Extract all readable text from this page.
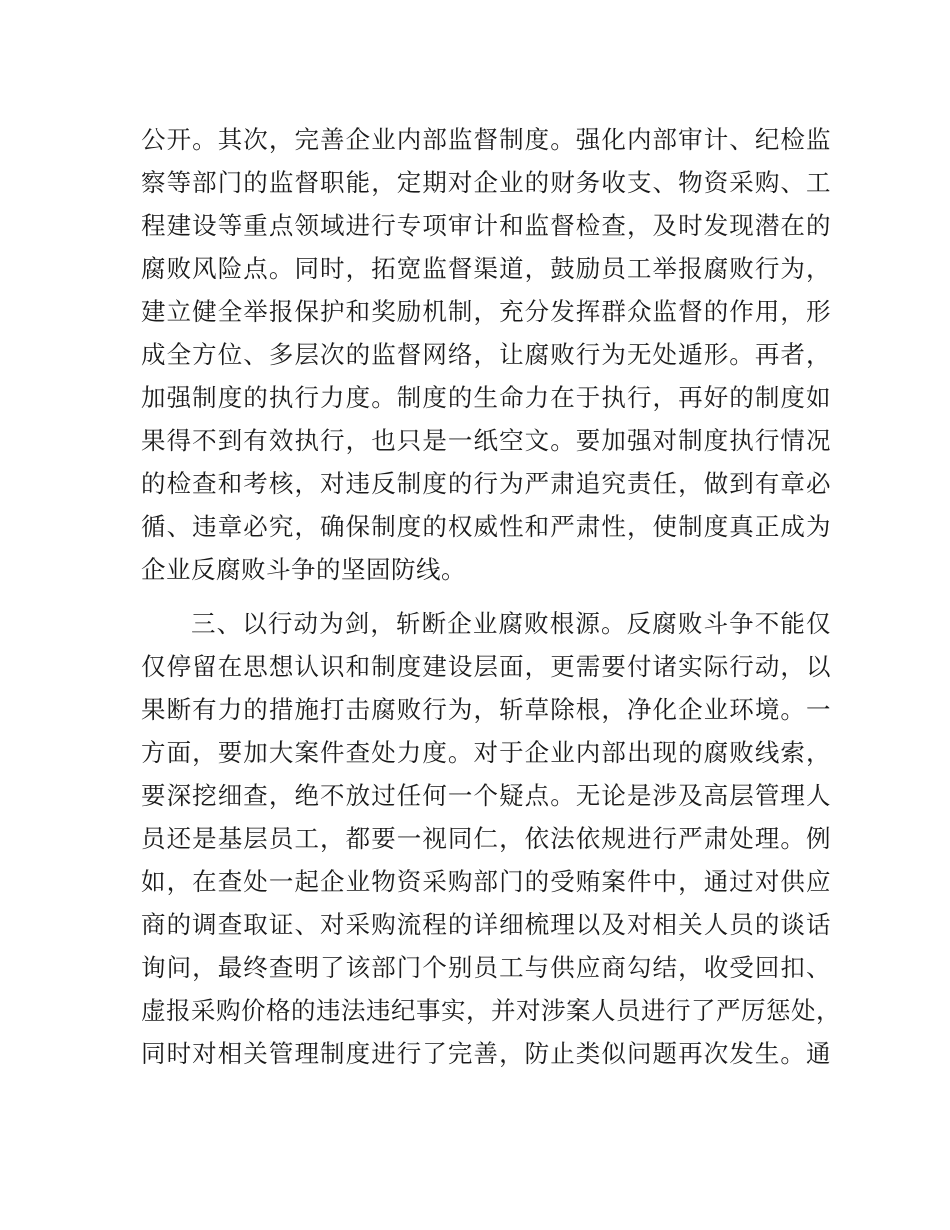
公开。其次，完善企业内部监督制度。强化内部审计、纪检监
察等部门的监督职能，定期对企业的财务收支、物资采购、工
程建设等重点领域进行专项审计和监督检查，及时发现潜在的
腐败风险点。同时，拓宽监督渠道，鼓励员工举报腐败行为，
建立健全举报保护和奖励机制，充分发挥群众监督的作用，形
成全方位、多层次的监督网络，让腐败行为无处遁形。再者，
加强制度的执行力度。制度的生命力在于执行，再好的制度如
果得不到有效执行，也只是一纸空文。要加强对制度执行情况
的检查和考核，对违反制度的行为严肃追究责任，做到有章必
循、违章必究，确保制度的权威性和严肃性，使制度真正成为
企业反腐败斗争的坚固防线。
三、以行动为剑，斩断企业腐败根源。反腐败斗争不能仅
仅停留在思想认识和制度建设层面，更需要付诸实际行动，以
果断有力的措施打击腐败行为，斩草除根，净化企业环境。一
方面，要加大案件查处力度。对于企业内部出现的腐败线索，
要深挖细查，绝不放过任何一个疑点。无论是涉及高层管理人
员还是基层员工，都要一视同仁，依法依规进行严肃处理。例
如，在查处一起企业物资采购部门的受贿案件中，通过对供应
商的调查取证、对采购流程的详细梳理以及对相关人员的谈话
询问，最终查明了该部门个别员工与供应商勾结，收受回扣、
虚报采购价格的违法违纪事实，并对涉案人员进行了严厉惩处，
同时对相关管理制度进行了完善，防止类似问题再次发生。通
